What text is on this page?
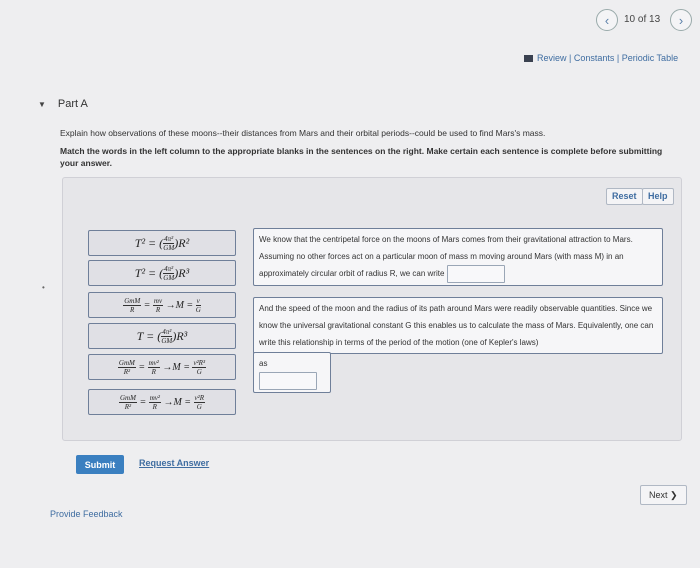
‹ 10 of 13 ›
Review | Constants | Periodic Table
▼ Part A
Explain how observations of these moons--their distances from Mars and their orbital periods--could be used to find Mars's mass.
Match the words in the left column to the appropriate blanks in the sentences on the right. Make certain each sentence is complete before submitting your answer.
Reset	Help
•
T² = ( $\frac{\text{4π²}}{GM} )R^2$
T² = ( $\frac{\text{4π²}}{GM} )R^3$
$\frac{\text{GmM}}{R} = \frac{mv}{R} \to M = \frac{v}{G}$
T = ( $\frac{\text{4π²}}{GM} )R^3$
$\frac{\text{GmM}}{\text{R²}} = \frac{\text{mv²}}{R} \to M = \frac{\text{v²R³}}{G}$
$\frac{\text{GmM}}{\text{R²}} = \frac{\text{mv²}}{R} \to M = \frac{\text{v²R}}{G}$
We know that the centripetal force on the moons of Mars comes from their gravitational attraction to Mars. Assuming no other forces act on a particular moon of mass m moving around Mars (with mass M) in an approximately circular orbit of radius R, we can write
And the speed of the moon and the radius of its path around Mars were readily observable quantities. Since we know the universal gravitational constant G this enables us to calculate the mass of Mars. Equivalently, one can write this relationship in terms of the period of the motion (one of Kepler's laws)
as
Submit	Request Answer
Next ❯
Provide Feedback
